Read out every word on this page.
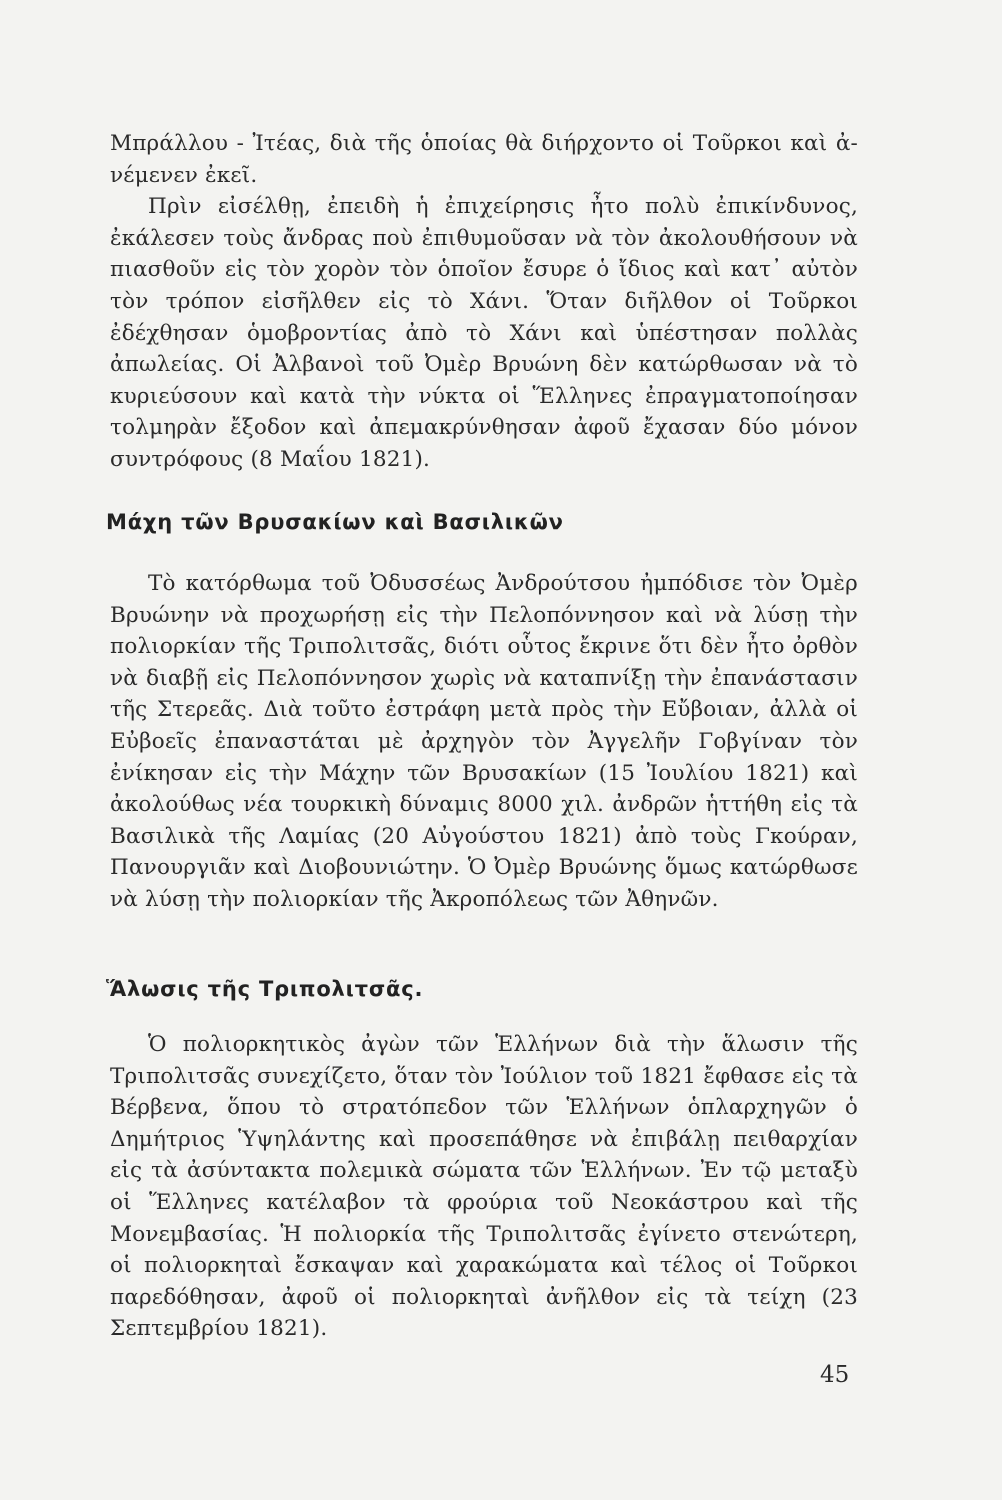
Μπράλλου - Ἰτέας, διὰ τῆς ὁποίας θὰ διήρχοντο οἱ Τοῦρκοι καὶ ἀ-νέμενεν ἐκεῖ.

Πρὶν εἰσέλθῃ, ἐπειδὴ ἡ ἐπιχείρησις ἦτο πολὺ ἐπικίνδυνος, ἐκάλεσεν τοὺς ἄνδρας ποὺ ἐπιθυμοῦσαν νὰ τὸν ἀκολουθήσουν νὰ πιασθοῦν εἰς τὸν χορὸν τὸν ὁποῖον ἔσυρε ὁ ἴδιος καὶ κατ᾽ αὐτὸν τὸν τρόπον εἰσῆλθεν εἰς τὸ Χάνι. Ὅταν διῆλθον οἱ Τοῦρκοι ἐδέχθησαν ὁμοβροντίας ἀπὸ τὸ Χάνι καὶ ὑπέστησαν πολλὰς ἀπωλείας. Οἱ Ἀλβανοὶ τοῦ Ὀμὲρ Βρυώνη δὲν κατώρθωσαν νὰ τὸ κυριεύσουν καὶ κατὰ τὴν νύκτα οἱ Ἕλληνες ἐπραγματοποίησαν τολμηρὰν ἔξοδον καὶ ἀπεμακρύνθησαν ἀφοῦ ἔχασαν δύο μόνον συντρόφους (8 Μαΐου 1821).

Μάχη τῶν Βρυσακίων καὶ Βασιλικῶν

Τὸ κατόρθωμα τοῦ Ὀδυσσέως Ἀνδρούτσου ἠμπόδισε τὸν Ὀμὲρ Βρυώνην νὰ προχωρήσῃ εἰς τὴν Πελοπόννησον καὶ νὰ λύσῃ τὴν πολιορκίαν τῆς Τριπολιτσᾶς, διότι οὗτος ἔκρινε ὅτι δὲν ἦτο ὀρθὸν νὰ διαβῇ εἰς Πελοπόννησον χωρὶς νὰ καταπνίξῃ τὴν ἐπανάστασιν τῆς Στερεᾶς. Διὰ τοῦτο ἐστράφη μετὰ πρὸς τὴν Εὔβοιαν, ἀλλὰ οἱ Εὐβοεῖς ἐπαναστάται μὲ ἀρχηγὸν τὸν Ἀγγελῆν Γοβγίναν τὸν ἐνίκησαν εἰς τὴν Μάχην τῶν Βρυσακίων (15 Ἰουλίου 1821) καὶ ἀκολούθως νέα τουρκικὴ δύναμις 8000 χιλ. ἀνδρῶν ἡττήθη εἰς τὰ Βασιλικὰ τῆς Λαμίας (20 Αὐγούστου 1821) ἀπὸ τοὺς Γκούραν, Πανουργιᾶν καὶ Διοβουνιώτην. Ὁ Ὀμὲρ Βρυώνης ὅμως κατώρθωσε νὰ λύσῃ τὴν πολιορκίαν τῆς Ἀκροπόλεως τῶν Ἀθηνῶν.

Ἅλωσις τῆς Τριπολιτσᾶς.

Ὁ πολιορκητικὸς ἀγὼν τῶν Ἑλλήνων διὰ τὴν ἅλωσιν τῆς Τριπολιτσᾶς συνεχίζετο, ὅταν τὸν Ἰούλιον τοῦ 1821 ἔφθασε εἰς τὰ Βέρβενα, ὅπου τὸ στρατόπεδον τῶν Ἑλλήνων ὁπλαρχηγῶν ὁ Δημήτριος Ὑψηλάντης καὶ προσεπάθησε νὰ ἐπιβάλῃ πειθαρχίαν εἰς τὰ ἀσύντακτα πολεμικὰ σώματα τῶν Ἑλλήνων. Ἐν τῷ μεταξὺ οἱ Ἕλληνες κατέλαβον τὰ φρούρια τοῦ Νεοκάστρου καὶ τῆς Μονεμβασίας. Ἡ πολιορκία τῆς Τριπολιτσᾶς ἐγίνετο στενώτερη, οἱ πολιορκηταὶ ἔσκαψαν καὶ χαρακώματα καὶ τέλος οἱ Τοῦρκοι παρεδόθησαν, ἀφοῦ οἱ πολιορκηταὶ ἀνῆλθον εἰς τὰ τείχη (23 Σεπτεμβρίου 1821).

45
